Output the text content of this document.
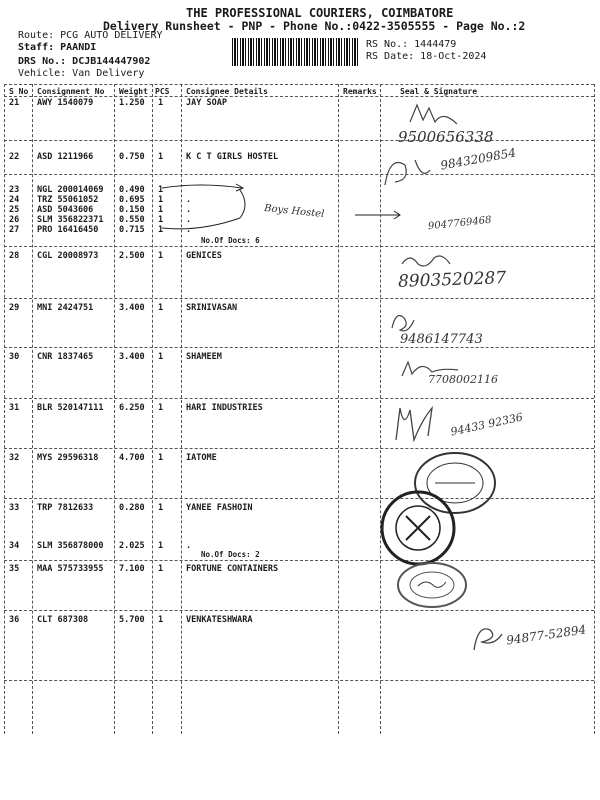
THE PROFESSIONAL COURIERS, COIMBATORE
Delivery Runsheet - PNP - Phone No.:0422-3505555 - Page No.:2
Route: PCG AUTO DELIVERY
Staff: PAANDI
DRS No.: DCJB144447902
Vehicle: Van Delivery
RS No.: 1444479
RS Date: 18-Oct-2024
S No Consignment No Weight PCS Consignee Details	Remarks	Seal & Signature
21 AWY 1540079	1.250 1	JAY SOAP
22 ASD 1211966	0.750 1	K C T GIRLS HOSTEL
23 NGL 200014069 0.490 1
24 TRZ 55061052 0.695 1	.
25 ASD 5043606	0.150 1	.
26 SLM 356822371 0.550 1	.
27 PRO 16416450 0.715 1	.
No.Of Docs: 6
28 CGL 20008973 2.500 1	GENICES
29 MNI 2424751	3.400 1	SRINIVASAN
30 CNR 1837465	3.400 1	SHAMEEM
31 BLR 520147111 6.250 1	HARI INDUSTRIES
32 MYS 29596318 4.700 1	IATOME
33 TRP 7812633	0.280 1	YANEE FASHOIN
34 SLM 356878000 2.025 1	.
No.Of Docs: 2
35 MAA 575733955 7.100 1	FORTUNE CONTAINERS
36 CLT 687308	5.700 1	VENKATESHWARA
Boys Hostel
9500656338
9843209854
9047769468
8903520287
9486147743
7708002116
94433 92336
94877-52894
